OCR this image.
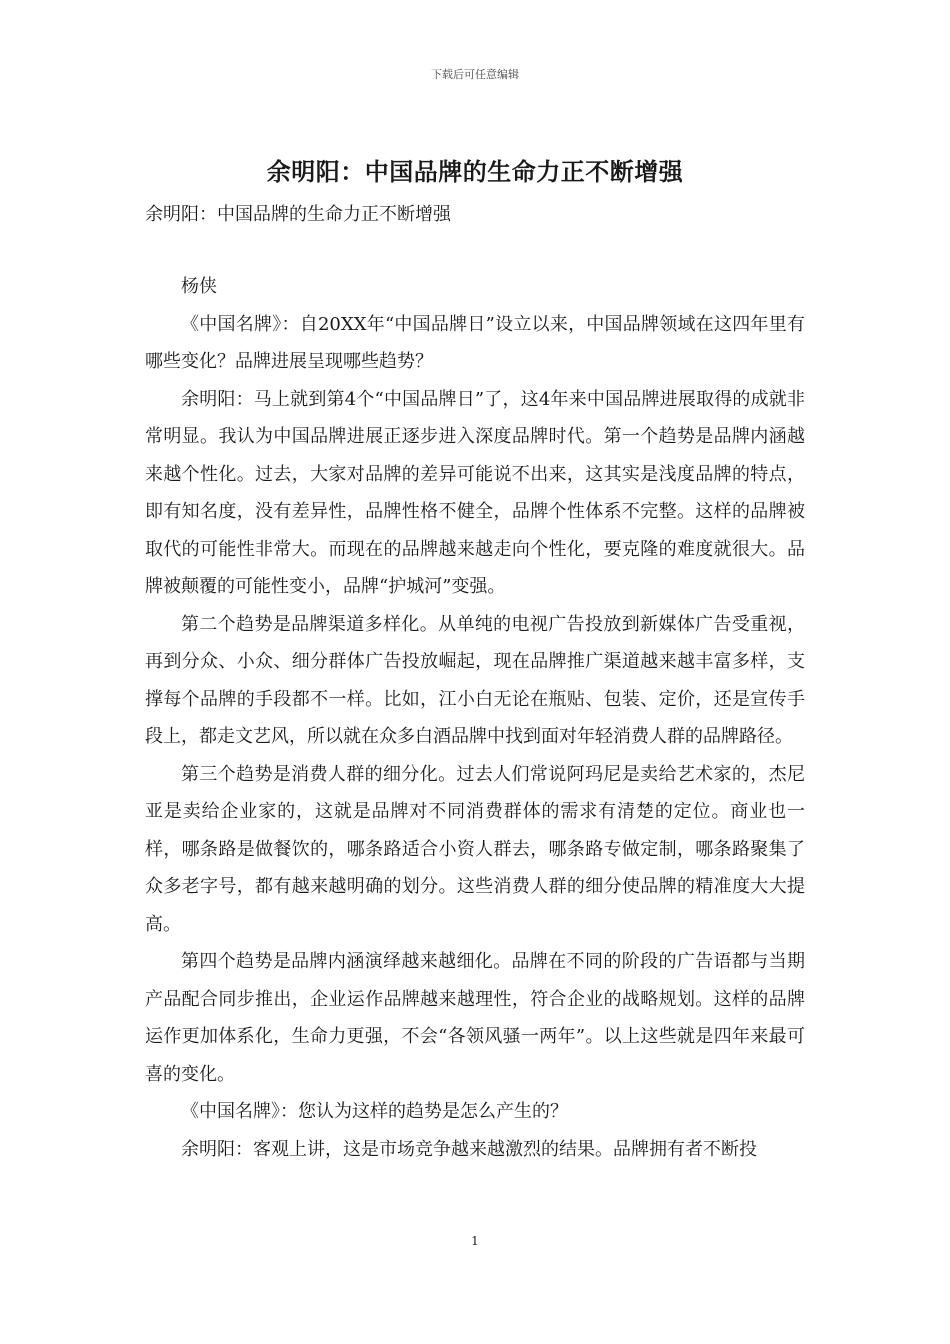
下载后可任意编辑
余明阳：中国品牌的生命力正不断增强
余明阳：中国品牌的生命力正不断增强

杨侠

《中国名牌》：自20XX年“中国品牌日”设立以来，中国品牌领域在这四年里有哪些变化？品牌进展呈现哪些趋势？

余明阳：马上就到第4个“中国品牌日”了，这4年来中国品牌进展取得的成就非常明显。我认为中国品牌进展正逐步进入深度品牌时代。第一个趋势是品牌内涵越来越个性化。过去，大家对品牌的差异可能说不出来，这其实是浅度品牌的特点，即有知名度，没有差异性，品牌性格不健全，品牌个性体系不完整。这样的品牌被取代的可能性非常大。而现在的品牌越来越走向个性化，要克隆的难度就很大。品牌被颠覆的可能性变小，品牌“护城河”变强。

第二个趋势是品牌渠道多样化。从单纯的电视广告投放到新媒体广告受重视，再到分众、小众、细分群体广告投放崛起，现在品牌推广渠道越来越丰富多样，支撑每个品牌的手段都不一样。比如，江小白无论在瓶贴、包装、定价，还是宣传手段上，都走文艺风，所以就在众多白酒品牌中找到面对年轻消费人群的品牌路径。

第三个趋势是消费人群的细分化。过去人们常说阿玛尼是卖给艺术家的，杰尼亚是卖给企业家的，这就是品牌对不同消费群体的需求有清楚的定位。商业也一样，哪条路是做餐饮的，哪条路适合小资人群去，哪条路专做定制，哪条路聚集了众多老字号，都有越来越明确的划分。这些消费人群的细分使品牌的精准度大大提高。

第四个趋势是品牌内涵演绎越来越细化。品牌在不同的阶段的广告语都与当期产品配合同步推出，企业运作品牌越来越理性，符合企业的战略规划。这样的品牌运作更加体系化，生命力更强，不会“各领风骚一两年”。以上这些就是四年来最可喜的变化。

《中国名牌》：您认为这样的趋势是怎么产生的？

余明阳：客观上讲，这是市场竞争越来越激烈的结果。品牌拥有者不断投

1
